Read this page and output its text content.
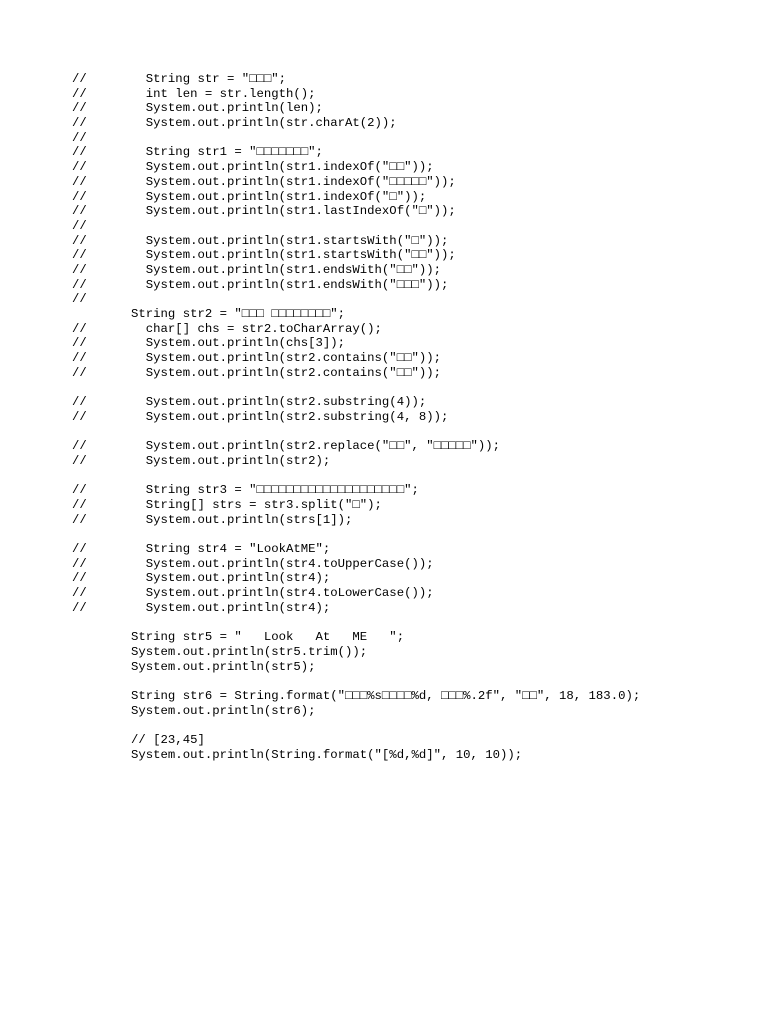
//        String str = "□□□";
//        int len = str.length();
//        System.out.println(len);
//        System.out.println(str.charAt(2));
//
//        String str1 = "□□□□□□□";
//        System.out.println(str1.indexOf("□□"));
//        System.out.println(str1.indexOf("□□□□□"));
//        System.out.println(str1.indexOf("□"));
//        System.out.println(str1.lastIndexOf("□"));
//
//        System.out.println(str1.startsWith("□"));
//        System.out.println(str1.startsWith("□□"));
//        System.out.println(str1.endsWith("□□"));
//        System.out.println(str1.endsWith("□□□"));
//
String str2 = "□□□ □□□□□□□□";
//        char[] chs = str2.toCharArray();
//        System.out.println(chs[3]);
//        System.out.println(str2.contains("□□"));
//        System.out.println(str2.contains("□□"));
//        System.out.println(str2.substring(4));
//        System.out.println(str2.substring(4, 8));
//        System.out.println(str2.replace("□□", "□□□□□"));
//        System.out.println(str2);
//        String str3 = "□□□□□□□□□□□□□□□□□□□□";
//        String[] strs = str3.split("□");
//        System.out.println(strs[1]);
//        String str4 = "LookAtME";
//        System.out.println(str4.toUpperCase());
//        System.out.println(str4);
//        System.out.println(str4.toLowerCase());
//        System.out.println(str4);
String str5 = "   Look   At   ME   ";
System.out.println(str5.trim());
System.out.println(str5);
String str6 = String.format("□□□%s□□□□%d, □□□%.2f", "□□", 18, 183.0);
System.out.println(str6);
// [23,45]
System.out.println(String.format("[%d,%d]", 10, 10));
